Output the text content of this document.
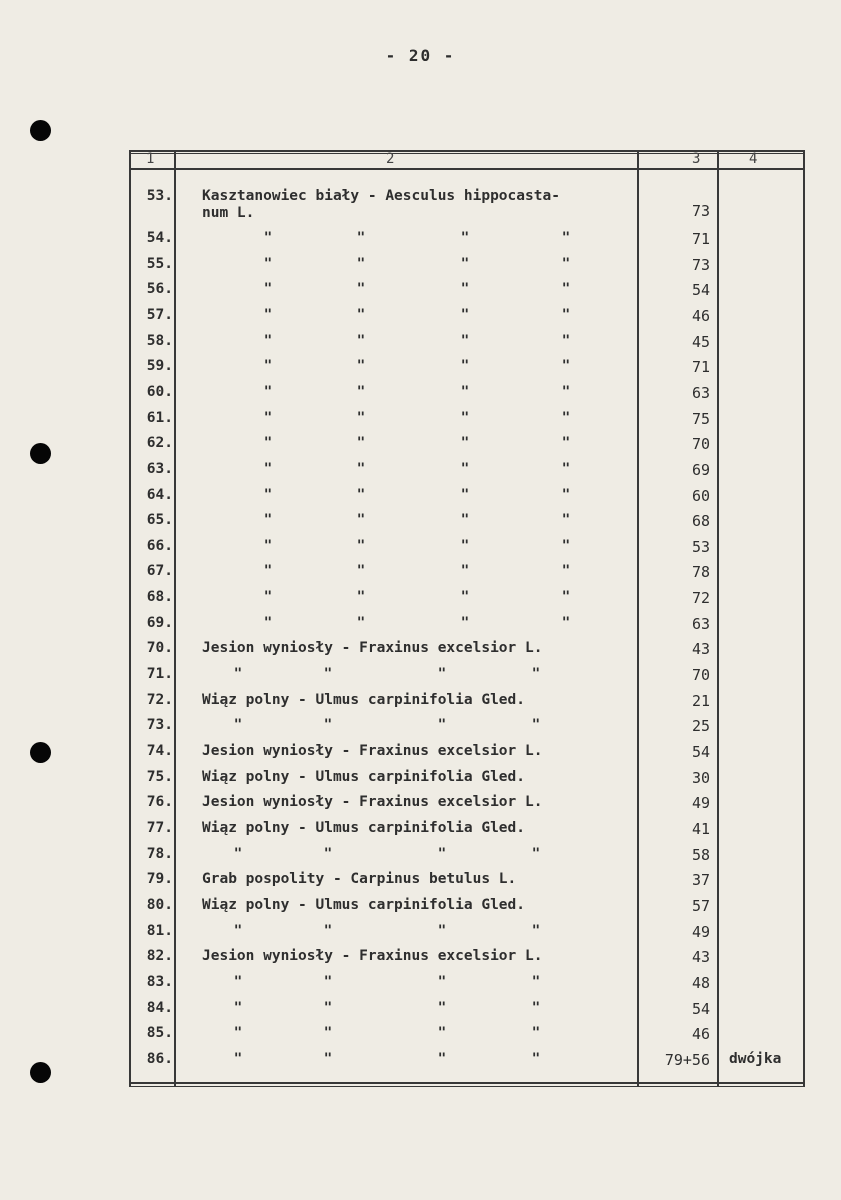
- 20 -
1	2	3	4
53. Kasztanowiec biały - Aesculus hippocasta-
num L.	73
54.	"	"	"	"	71
55.	"	"	"	"	73
56.	"	"	"	"	54
57.	"	"	"	"	46
58.	"	"	"	"	45
59.	"	"	"	"	71
60.	"	"	"	"	63
61.	"	"	"	"	75
62.	"	"	"	"	70
63.	"	"	"	"	69
64.	"	"	"	"	60
65.	"	"	"	"	68
66.	"	"	"	"	53
67.	"	"	"	"	78
68.	"	"	"	"	72
69.	"	"	"	"	63
70. Jesion wyniosły - Fraxinus excelsior L.	43
71.	"	"	"	"	70
72. Wiąz polny - Ulmus carpinifolia Gled.	21
73.	"	"	"	"	25
74. Jesion wyniosły - Fraxinus excelsior L.	54
75. Wiąz polny - Ulmus carpinifolia Gled.	30
76. Jesion wyniosły - Fraxinus excelsior L.	49
77. Wiąz polny - Ulmus carpinifolia Gled.	41
78.	"	"	"	"	58
79. Grab pospolity - Carpinus betulus L.	37
80. Wiąz polny - Ulmus carpinifolia Gled.	57
81.	"	"	"	"	49
82. Jesion wyniosły - Fraxinus excelsior L.	43
83.	"	"	"	"	48
84.	"	"	"	"	54
85.	"	"	"	"	46
86.	"	"	"	"	79+56 dwójka
